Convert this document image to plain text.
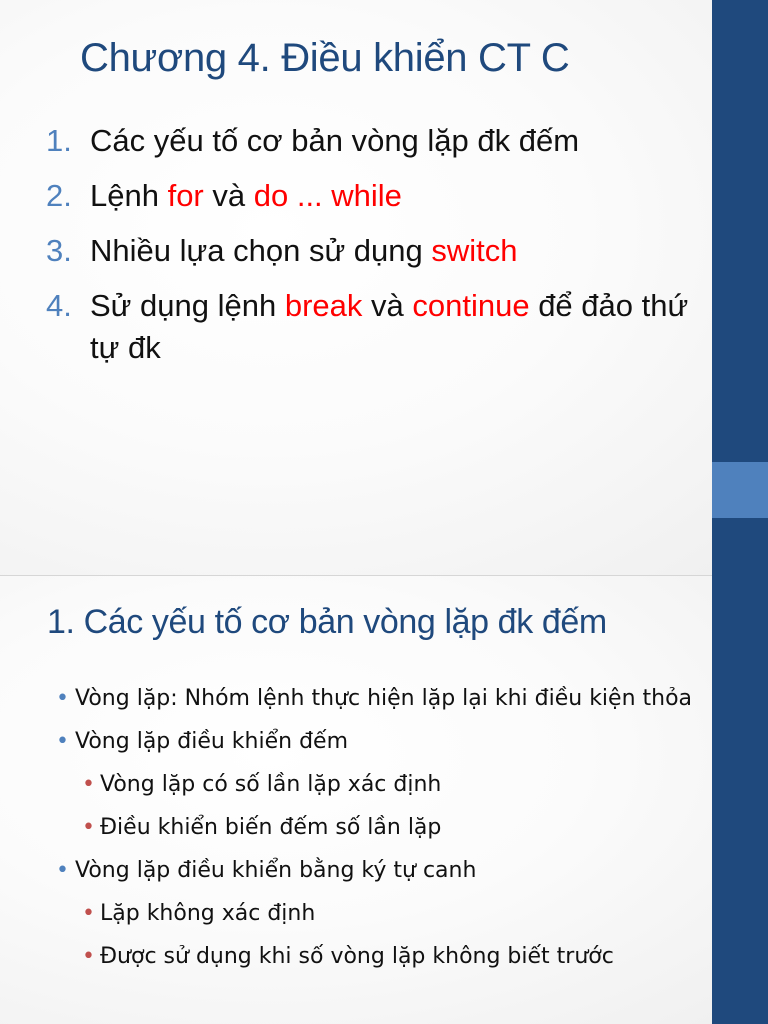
Chương 4. Điều khiển CT C
1. Các yếu tố cơ bản vòng lặp đk đếm
2. Lệnh for và do ... while
3. Nhiều lựa chọn sử dụng switch
4. Sử dụng lệnh break và continue để đảo thứ tự đk
1. Các yếu tố cơ bản vòng lặp đk đếm
• Vòng lặp: Nhóm lệnh thực hiện lặp lại khi điều kiện thỏa
• Vòng lặp điều khiển đếm
• Vòng lặp có số lần lặp xác định
• Điều khiển biến đếm số lần lặp
• Vòng lặp điều khiển bằng ký tự canh
• Lặp không xác định
• Được sử dụng khi số vòng lặp không biết trước
